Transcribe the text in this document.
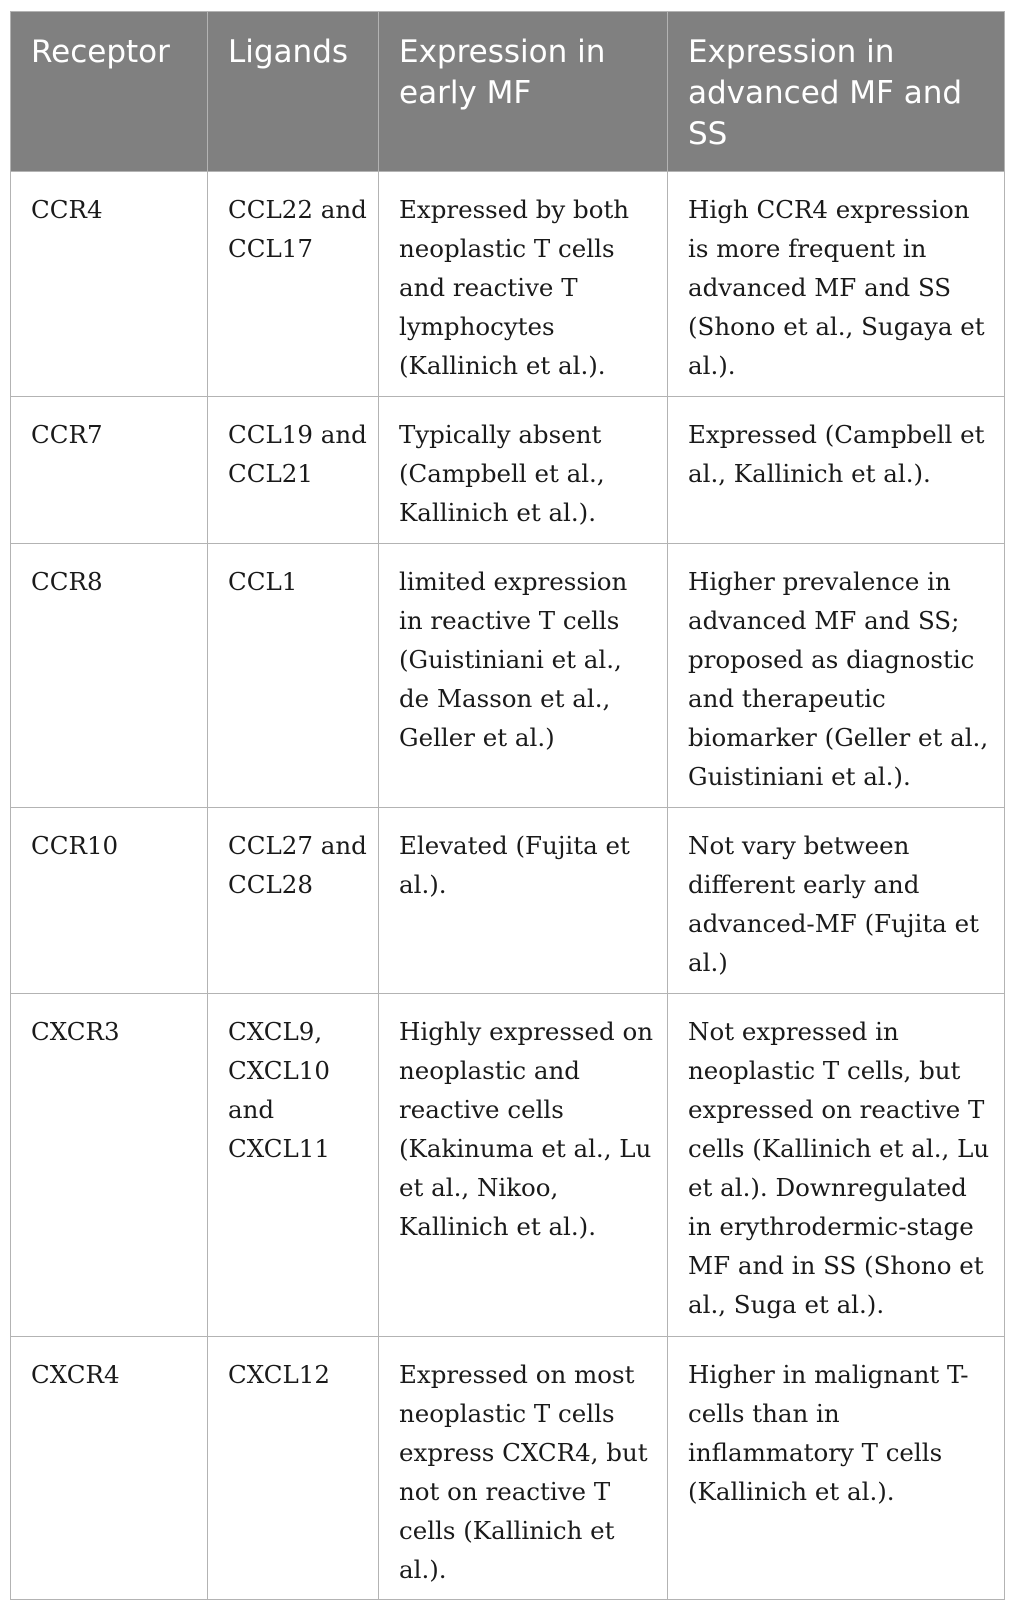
Receptor	Ligands	Expression in early MF	Expression in advanced MF and SS
CCR4	CCL22 and CCL17	Expressed by both neoplastic T cells and reactive T lymphocytes (Kallinich et al.).	High CCR4 expression is more frequent in advanced MF and SS (Shono et al., Sugaya et al.).
CCR7	CCL19 and CCL21	Typically absent (Campbell et al., Kallinich et al.).	Expressed (Campbell et al., Kallinich et al.).
CCR8	CCL1	limited expression in reactive T cells (Guistiniani et al., de Masson et al., Geller et al.)	Higher prevalence in advanced MF and SS; proposed as diagnostic and therapeutic biomarker (Geller et al., Guistiniani et al.).
CCR10	CCL27 and CCL28	Elevated (Fujita et al.).	Not vary between different early and advanced-MF (Fujita et al.)
CXCR3	CXCL9, CXCL10 and CXCL11	Highly expressed on neoplastic and reactive cells (Kakinuma et al., Lu et al., Nikoo, Kallinich et al.).	Not expressed in neoplastic T cells, but expressed on reactive T cells (Kallinich et al., Lu et al.). Downregulated in erythrodermic-stage MF and in SS (Shono et al., Suga et al.).
CXCR4	CXCL12	Expressed on most neoplastic T cells express CXCR4, but not on reactive T cells (Kallinich et al.).	Higher in malignant T-cells than in inflammatory T cells (Kallinich et al.).
